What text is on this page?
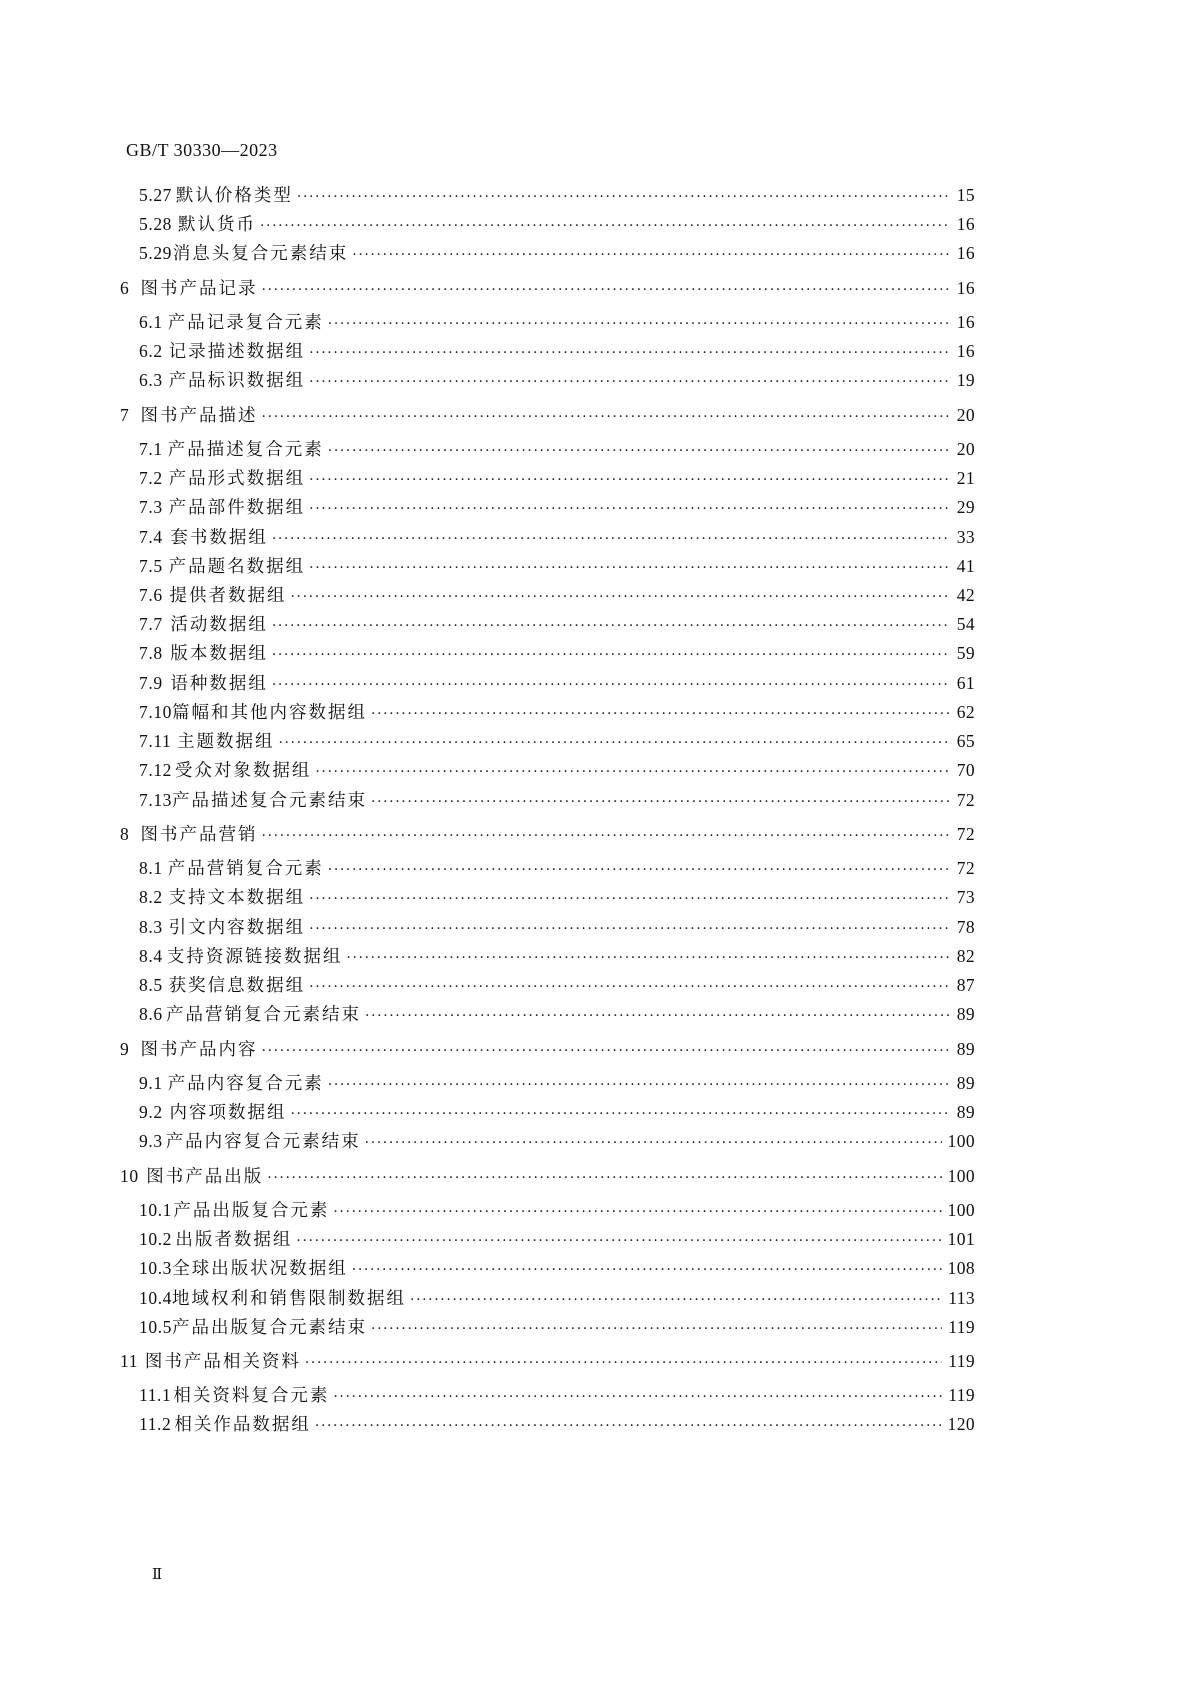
GB/T 30330—2023
5.27 默认价格类型 ·····	15
5.28 默认货币 ·····	16
5.29 消息头复合元素结束 ·····	16
6 图书产品记录 ·····	16
6.1 产品记录复合元素 ·····	16
6.2 记录描述数据组 ·····	16
6.3 产品标识数据组 ·····	19
7 图书产品描述 ·····	20
7.1 产品描述复合元素 ·····	20
7.2 产品形式数据组 ·····	21
7.3 产品部件数据组 ·····	29
7.4 套书数据组 ·····	33
7.5 产品题名数据组 ·····	41
7.6 提供者数据组 ·····	42
7.7 活动数据组 ·····	54
7.8 版本数据组 ·····	59
7.9 语种数据组 ·····	61
7.10 篇幅和其他内容数据组 ·····	62
7.11 主题数据组 ·····	65
7.12 受众对象数据组 ·····	70
7.13 产品描述复合元素结束 ·····	72
8 图书产品营销 ·····	72
8.1 产品营销复合元素 ·····	72
8.2 支持文本数据组 ·····	73
8.3 引文内容数据组 ·····	78
8.4 支持资源链接数据组 ·····	82
8.5 获奖信息数据组 ·····	87
8.6 产品营销复合元素结束 ·····	89
9 图书产品内容 ·····	89
9.1 产品内容复合元素 ·····	89
9.2 内容项数据组 ·····	89
9.3 产品内容复合元素结束 ·····	100
10 图书产品出版 ·····	100
10.1 产品出版复合元素 ·····	100
10.2 出版者数据组 ·····	101
10.3 全球出版状况数据组 ·····	108
10.4 地域权利和销售限制数据组 ·····	113
10.5 产品出版复合元素结束 ·····	119
11 图书产品相关资料 ·····	119
11.1 相关资料复合元素 ·····	119
11.2 相关作品数据组 ·····	120
Ⅱ
